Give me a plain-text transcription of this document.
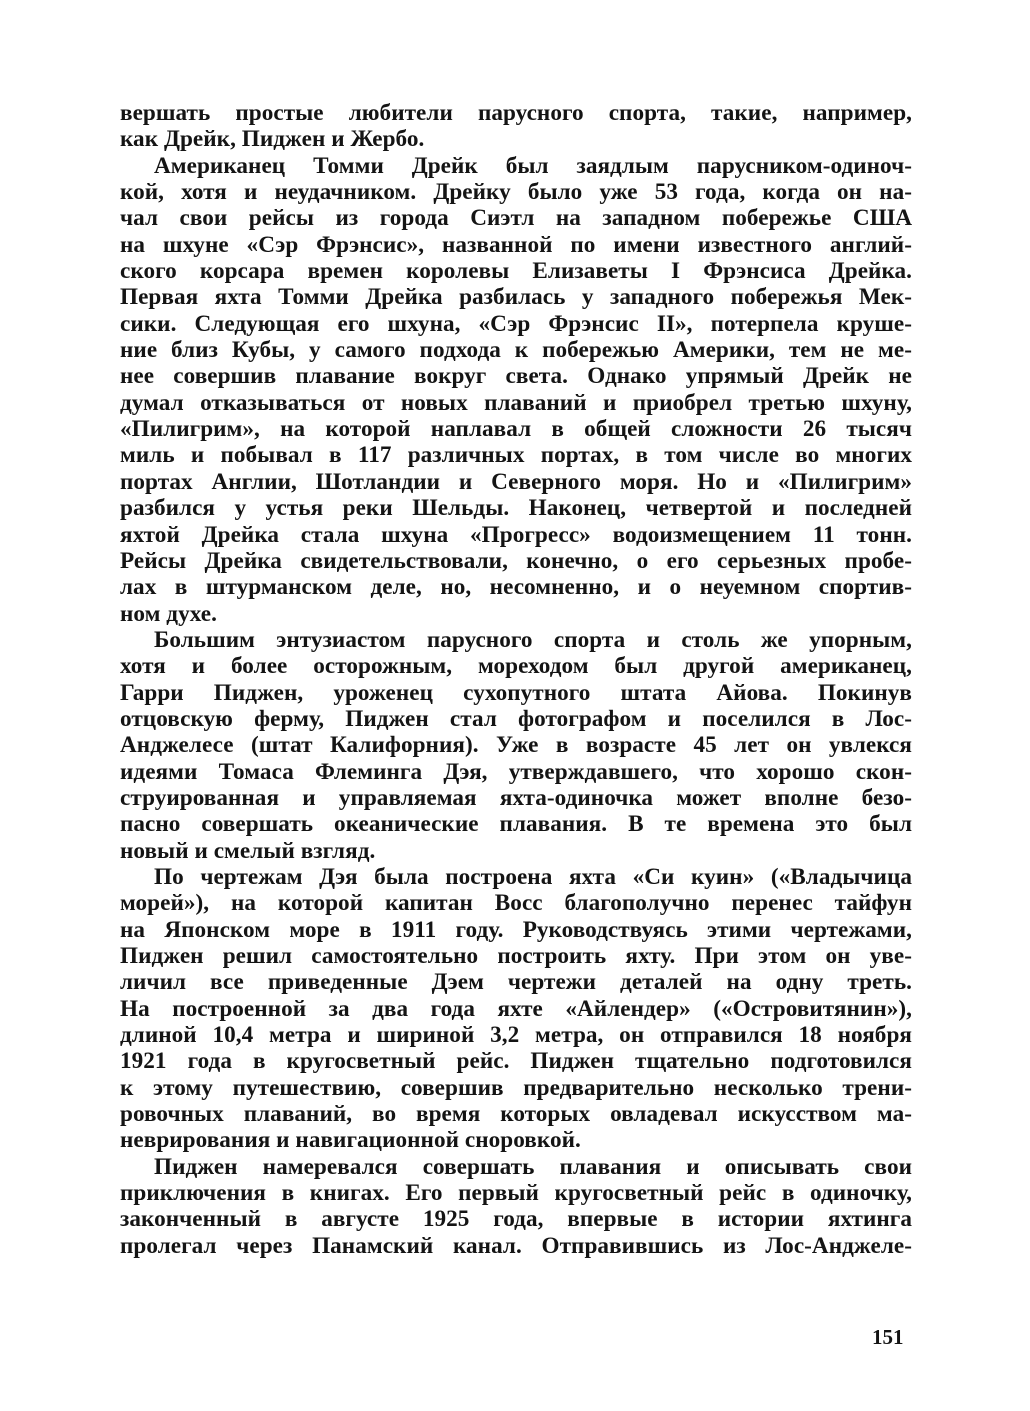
вершать простые любители парусного спорта, такие, например,
как Дрейк, Пиджен и Жербо.
Американец Томми Дрейк был заядлым парусником-одиноч-
кой, хотя и неудачником. Дрейку было уже 53 года, когда он на-
чал свои рейсы из города Сиэтл на западном побережье США
на шхуне «Сэр Фрэнсис», названной по имени известного англий-
ского корсара времен королевы Елизаветы I Фрэнсиса Дрейка.
Первая яхта Томми Дрейка разбилась у западного побережья Мек-
сики. Следующая его шхуна, «Сэр Фрэнсис II», потерпела круше-
ние близ Кубы, у самого подхода к побережью Америки, тем не ме-
нее совершив плавание вокруг света. Однако упрямый Дрейк не
думал отказываться от новых плаваний и приобрел третью шхуну,
«Пилигрим», на которой наплавал в общей сложности 26 тысяч
миль и побывал в 117 различных портах, в том числе во многих
портах Англии, Шотландии и Северного моря. Но и «Пилигрим»
разбился у устья реки Шельды. Наконец, четвертой и последней
яхтой Дрейка стала шхуна «Прогресс» водоизмещением 11 тонн.
Рейсы Дрейка свидетельствовали, конечно, о его серьезных пробе-
лах в штурманском деле, но, несомненно, и о неуемном спортив-
ном духе.
Большим энтузиастом парусного спорта и столь же упорным,
хотя и более осторожным, мореходом был другой американец,
Гарри Пиджен, уроженец сухопутного штата Айова. Покинув
отцовскую ферму, Пиджен стал фотографом и поселился в Лос-
Анджелесе (штат Калифорния). Уже в возрасте 45 лет он увлекся
идеями Томаса Флеминга Дэя, утверждавшего, что хорошо скон-
струированная и управляемая яхта-одиночка может вполне безо-
пасно совершать океанические плавания. В те времена это был
новый и смелый взгляд.
По чертежам Дэя была построена яхта «Си куин» («Владычица
морей»), на которой капитан Восс благополучно перенес тайфун
на Японском море в 1911 году. Руководствуясь этими чертежами,
Пиджен решил самостоятельно построить яхту. При этом он уве-
личил все приведенные Дэем чертежи деталей на одну треть.
На построенной за два года яхте «Айлендер» («Островитянин»),
длиной 10,4 метра и шириной 3,2 метра, он отправился 18 ноября
1921 года в кругосветный рейс. Пиджен тщательно подготовился
к этому путешествию, совершив предварительно несколько трени-
ровочных плаваний, во время которых овладевал искусством ма-
неврирования и навигационной сноровкой.
Пиджен намеревался совершать плавания и описывать свои
приключения в книгах. Его первый кругосветный рейс в одиночку,
законченный в августе 1925 года, впервые в истории яхтинга
пролегал через Панамский канал. Отправившись из Лос-Анджеле-
151
